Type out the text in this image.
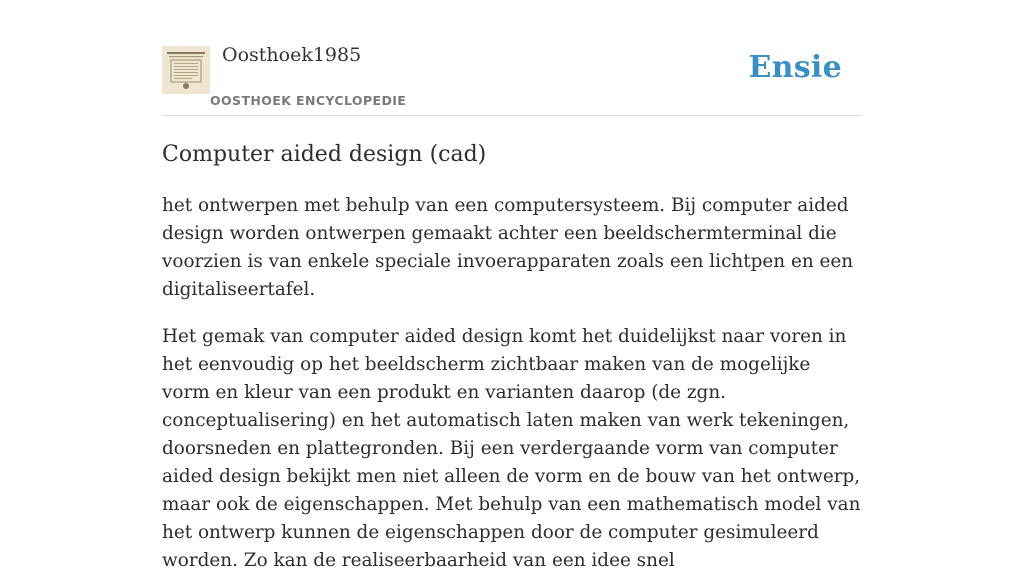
Oosthoek1985
OOSTHOEK ENCYCLOPEDIE
Ensie
Computer aided design (cad)

het ontwerpen met behulp van een computersysteem. Bij computer aided design worden ontwerpen gemaakt achter een beeldschermterminal die voorzien is van enkele speciale invoerapparaten zoals een lichtpen en een digitaliseertafel.

Het gemak van computer aided design komt het duidelijkst naar voren in het eenvoudig op het beeldscherm zichtbaar maken van de mogelijke vorm en kleur van een produkt en varianten daarop (de zgn. conceptualisering) en het automatisch laten maken van werk tekeningen, doorsneden en plattegronden. Bij een verdergaande vorm van computer aided design bekijkt men niet alleen de vorm en de bouw van het ontwerp, maar ook de eigenschappen. Met behulp van een mathematisch model van het ontwerp kunnen de eigenschappen door de computer gesimuleerd worden. Zo kan de realiseerbaarheid van een idee snel
